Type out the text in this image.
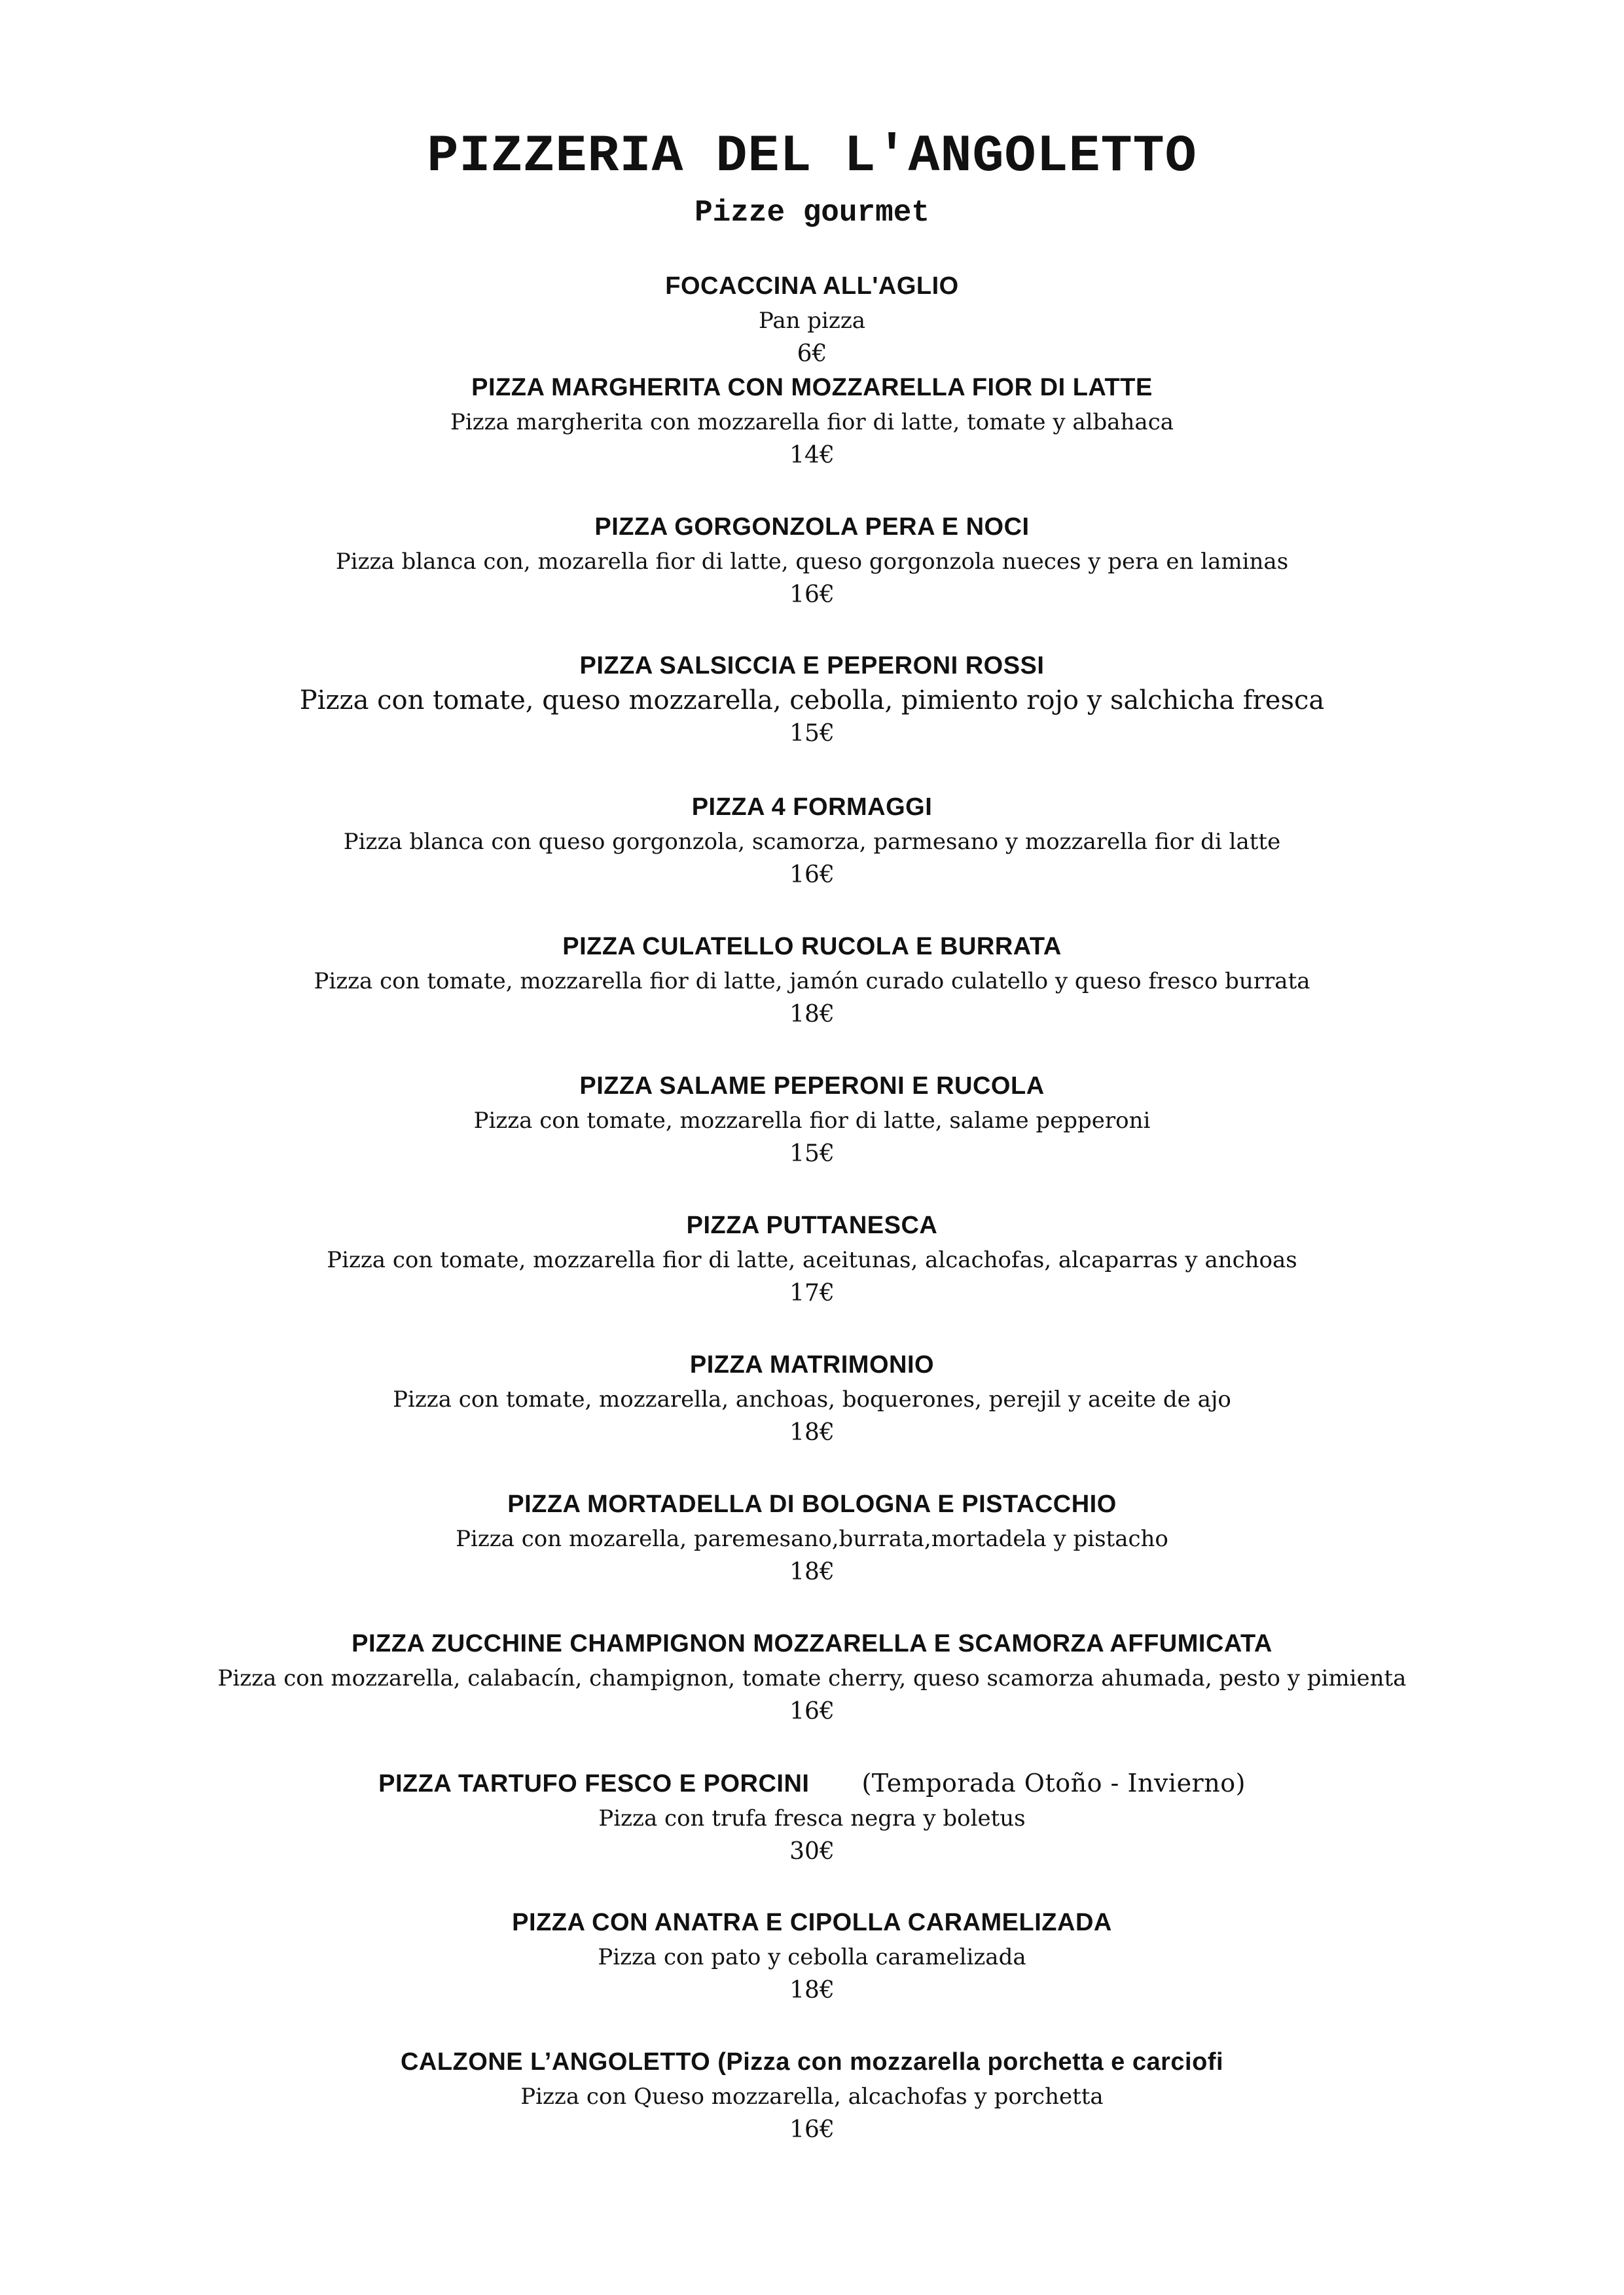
PIZZERIA DEL L'ANGOLETTO
Pizze gourmet
FOCACCINA ALL'AGLIO
Pan pizza
6€
PIZZA MARGHERITA CON MOZZARELLA FIOR DI LATTE
Pizza margherita con mozzarella fior di latte, tomate y albahaca
14€
PIZZA GORGONZOLA PERA E NOCI
Pizza blanca con, mozarella fior di latte, queso gorgonzola nueces y pera en laminas
16€
PIZZA SALSICCIA E PEPERONI ROSSI
Pizza con tomate, queso mozzarella, cebolla, pimiento rojo y salchicha fresca
15€
PIZZA 4 FORMAGGI
Pizza blanca con queso gorgonzola, scamorza, parmesano y mozzarella fior di latte
16€
PIZZA CULATELLO RUCOLA E BURRATA
Pizza con tomate, mozzarella fior di latte, jamón curado culatello y queso fresco burrata
18€
PIZZA SALAME PEPERONI E RUCOLA
Pizza con tomate, mozzarella fior di latte, salame pepperoni
15€
PIZZA PUTTANESCA
Pizza con tomate, mozzarella fior di latte, aceitunas, alcachofas, alcaparras y anchoas
17€
PIZZA MATRIMONIO
Pizza con tomate, mozzarella, anchoas, boquerones, perejil y aceite de ajo
18€
PIZZA MORTADELLA DI BOLOGNA E PISTACCHIO
Pizza con mozarella, paremesano,burrata,mortadela y pistacho
18€
PIZZA ZUCCHINE CHAMPIGNON MOZZARELLA E SCAMORZA AFFUMICATA
Pizza con mozzarella, calabacín, champignon, tomate cherry, queso scamorza ahumada, pesto y pimienta
16€
PIZZA TARTUFO FESCO E PORCINI (Temporada Otoño - Invierno)
Pizza con trufa fresca negra y boletus
30€
PIZZA CON ANATRA E CIPOLLA CARAMELIZADA
Pizza con pato y cebolla caramelizada
18€
CALZONE L’ANGOLETTO (Pizza con mozzarella porchetta e carciofi
Pizza con Queso mozzarella, alcachofas y porchetta
16€
